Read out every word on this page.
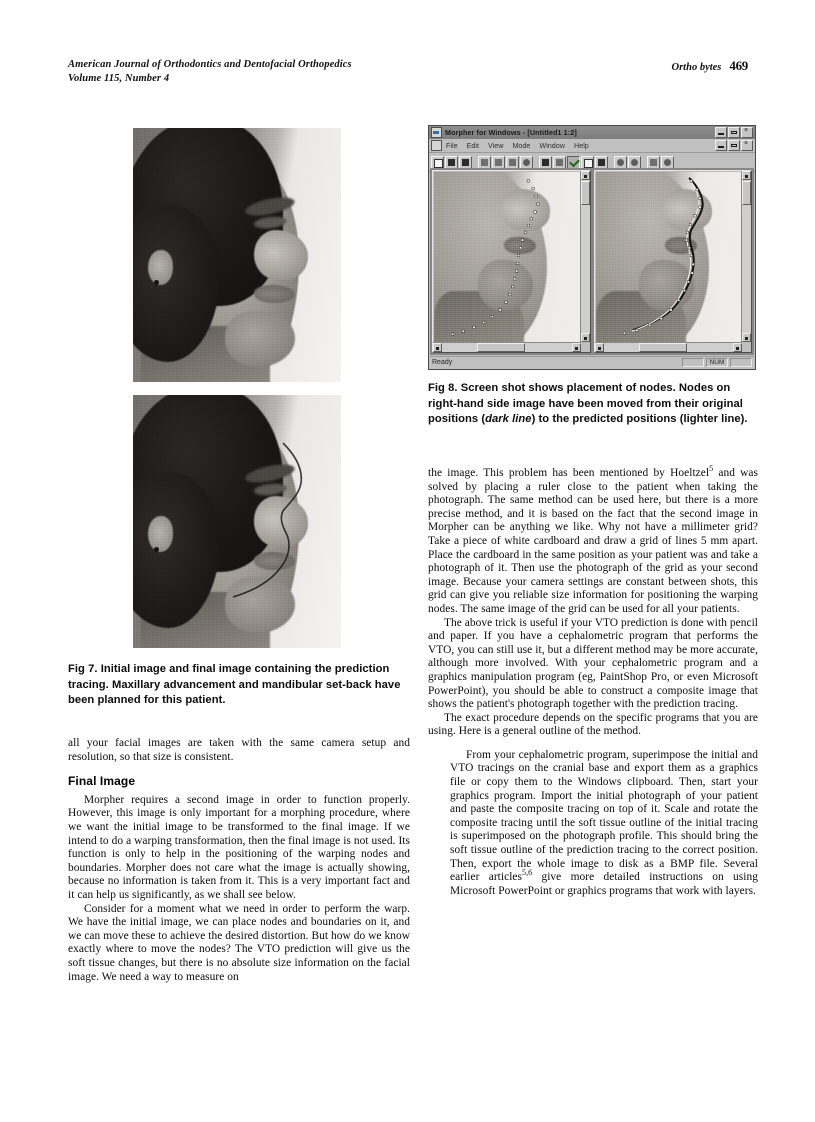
American Journal of Orthodontics and Dentofacial Orthopedics
Volume 115, Number 4
Ortho bytes 469
Fig 7. Initial image and final image containing the prediction tracing. Maxillary advancement and mandibular set-back have been planned for this patient.
Morpher for Windows - [Untitled1 1:2]	×
File Edit View Mode Window Help	×
Ready	NUM
Fig 8. Screen shot shows placement of nodes. Nodes on right-hand side image have been moved from their original positions (dark line) to the predicted positions (lighter line).

all your facial images are taken with the same camera setup and resolution, so that size is consistent.

Final Image

Morpher requires a second image in order to function properly. However, this image is only important for a morphing procedure, where we want the initial image to be transformed to the final image. If we intend to do a warping transformation, then the final image is not used. Its function is only to help in the positioning of the warping nodes and boundaries. Morpher does not care what the image is actually showing, because no information is taken from it. This is a very important fact and it can help us significantly, as we shall see below.

Consider for a moment what we need in order to perform the warp. We have the initial image, we can place nodes and boundaries on it, and we can move these to achieve the desired distortion. But how do we know exactly where to move the nodes? The VTO prediction will give us the soft tissue changes, but there is no absolute size information on the facial image. We need a way to measure on

the image. This problem has been mentioned by Hoeltzel$^5$ and was solved by placing a ruler close to the patient when taking the photograph. The same method can be used here, but there is a more precise method, and it is based on the fact that the second image in Morpher can be anything we like. Why not have a millimeter grid? Take a piece of white cardboard and draw a grid of lines 5 mm apart. Place the cardboard in the same position as your patient was and take a photograph of it. Then use the photograph of the grid as your second image. Because your camera settings are constant between shots, this grid can give you reliable size information for positioning the warping nodes. The same image of the grid can be used for all your patients.

The above trick is useful if your VTO prediction is done with pencil and paper. If you have a cephalometric program that performs the VTO, you can still use it, but a different method may be more accurate, although more involved. With your cephalometric program and a graphics manipulation program (eg, PaintShop Pro, or even Microsoft PowerPoint), you should be able to construct a composite image that shows the patient's photograph together with the prediction tracing.

The exact procedure depends on the specific programs that you are using. Here is a general outline of the method.

From your cephalometric program, superimpose the initial and VTO tracings on the cranial base and export them as a graphics file or copy them to the Windows clipboard. Then, start your graphics program. Import the initial photograph of your patient and paste the composite tracing on top of it. Scale and rotate the composite tracing until the soft tissue outline of the initial tracing is superimposed on the photograph profile. This should bring the soft tissue outline of the prediction tracing to the correct position. Then, export the whole image to disk as a BMP file. Several earlier articles$^{5,6}$ give more detailed instructions on using Microsoft PowerPoint or graphics programs that work with layers.
